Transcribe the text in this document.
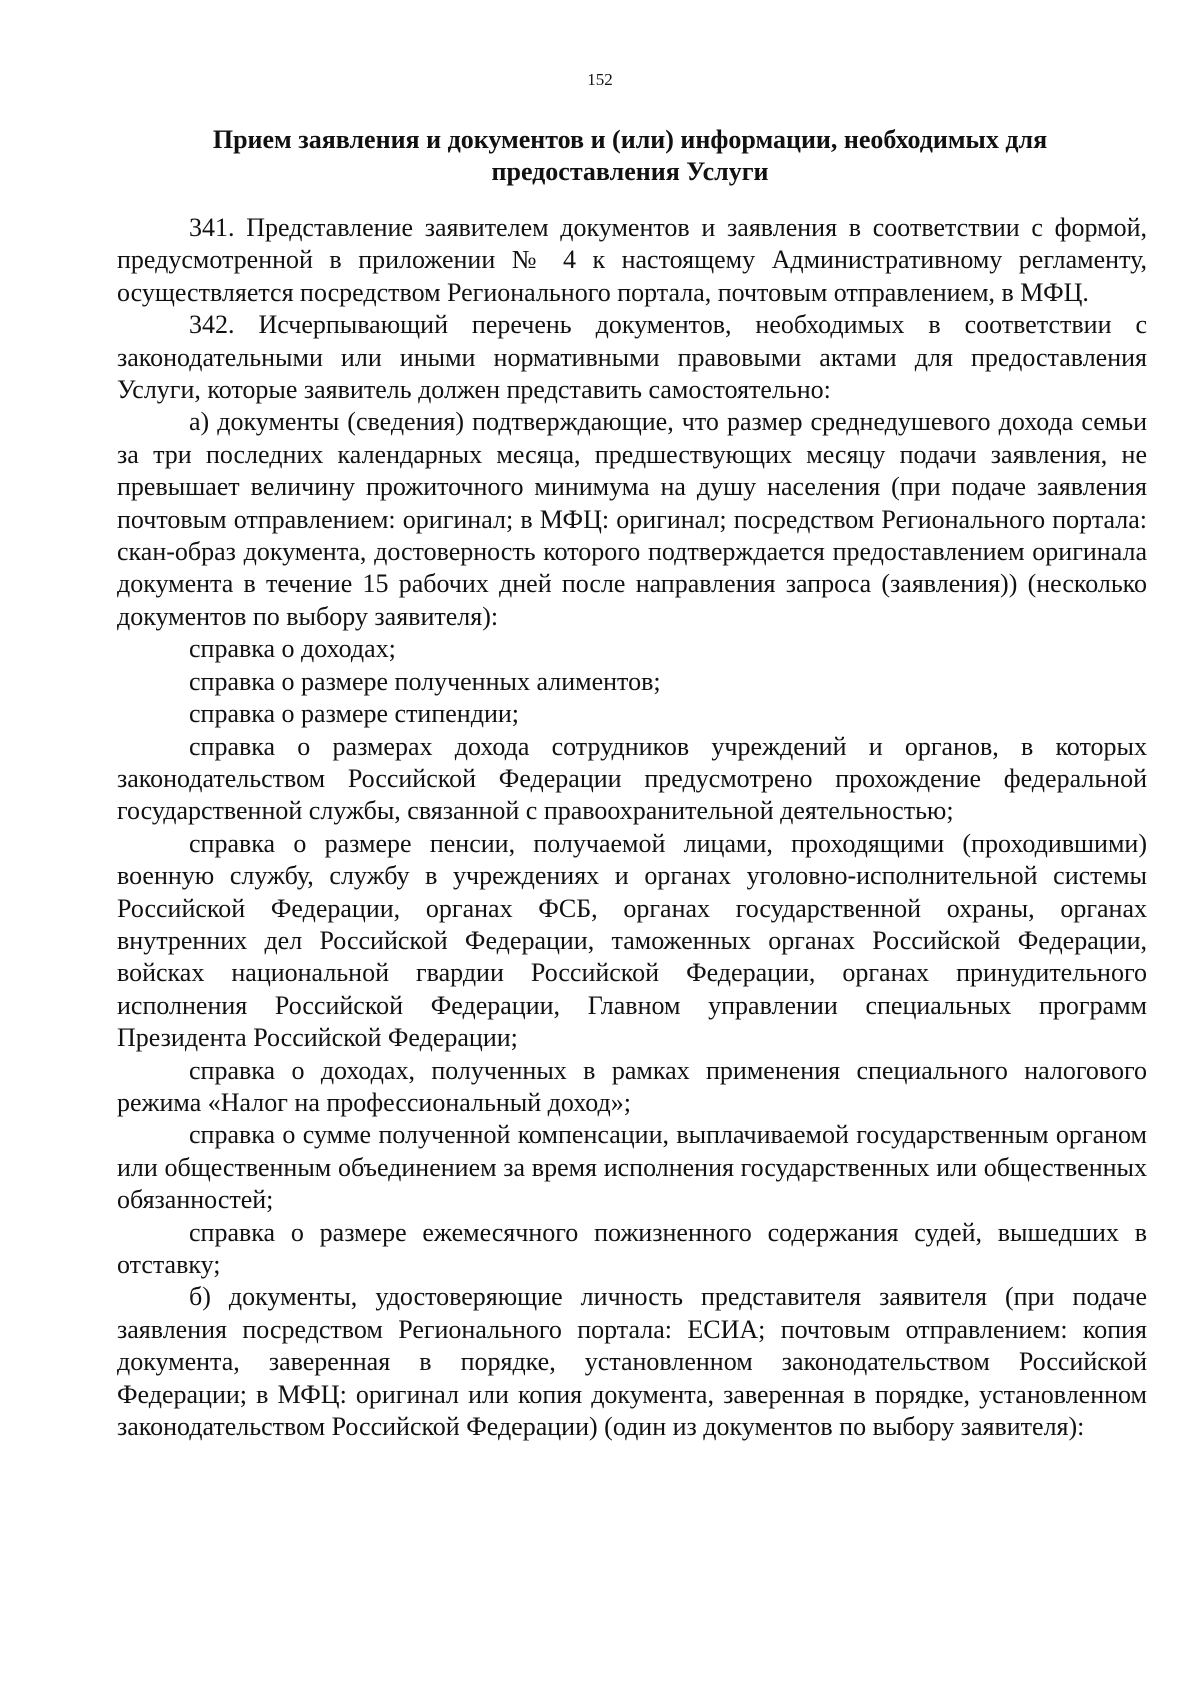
152
Прием заявления и документов и (или) информации, необходимых для предоставления Услуги

341. Представление заявителем документов и заявления в соответствии с формой, предусмотренной в приложении № 4 к настоящему Административному регламенту, осуществляется посредством Регионального портала, почтовым отправлением, в МФЦ.

342. Исчерпывающий перечень документов, необходимых в соответствии с законодательными или иными нормативными правовыми актами для предоставления Услуги, которые заявитель должен представить самостоятельно:

а) документы (сведения) подтверждающие, что размер среднедушевого дохода семьи за три последних календарных месяца, предшествующих месяцу подачи заявления, не превышает величину прожиточного минимума на душу населения (при подаче заявления почтовым отправлением: оригинал; в МФЦ: оригинал; посредством Регионального портала: скан-образ документа, достоверность которого подтверждается предоставлением оригинала документа в течение 15 рабочих дней после направления запроса (заявления)) (несколько документов по выбору заявителя):

справка о доходах;

справка о размере полученных алиментов;

справка о размере стипендии;

справка о размерах дохода сотрудников учреждений и органов, в которых законодательством Российской Федерации предусмотрено прохождение федеральной государственной службы, связанной с правоохранительной деятельностью;

справка о размере пенсии, получаемой лицами, проходящими (проходившими) военную службу, службу в учреждениях и органах уголовно-исполнительной системы Российской Федерации, органах ФСБ, органах государственной охраны, органах внутренних дел Российской Федерации, таможенных органах Российской Федерации, войсках национальной гвардии Российской Федерации, органах принудительного исполнения Российской Федерации, Главном управлении специальных программ Президента Российской Федерации;

справка о доходах, полученных в рамках применения специального налогового режима «Налог на профессиональный доход»;

справка о сумме полученной компенсации, выплачиваемой государственным органом или общественным объединением за время исполнения государственных или общественных обязанностей;

справка о размере ежемесячного пожизненного содержания судей, вышедших в отставку;

б) документы, удостоверяющие личность представителя заявителя (при подаче заявления посредством Регионального портала: ЕСИА; почтовым отправлением: копия документа, заверенная в порядке, установленном законодательством Российской Федерации; в МФЦ: оригинал или копия документа, заверенная в порядке, установленном законодательством Российской Федерации) (один из документов по выбору заявителя):
